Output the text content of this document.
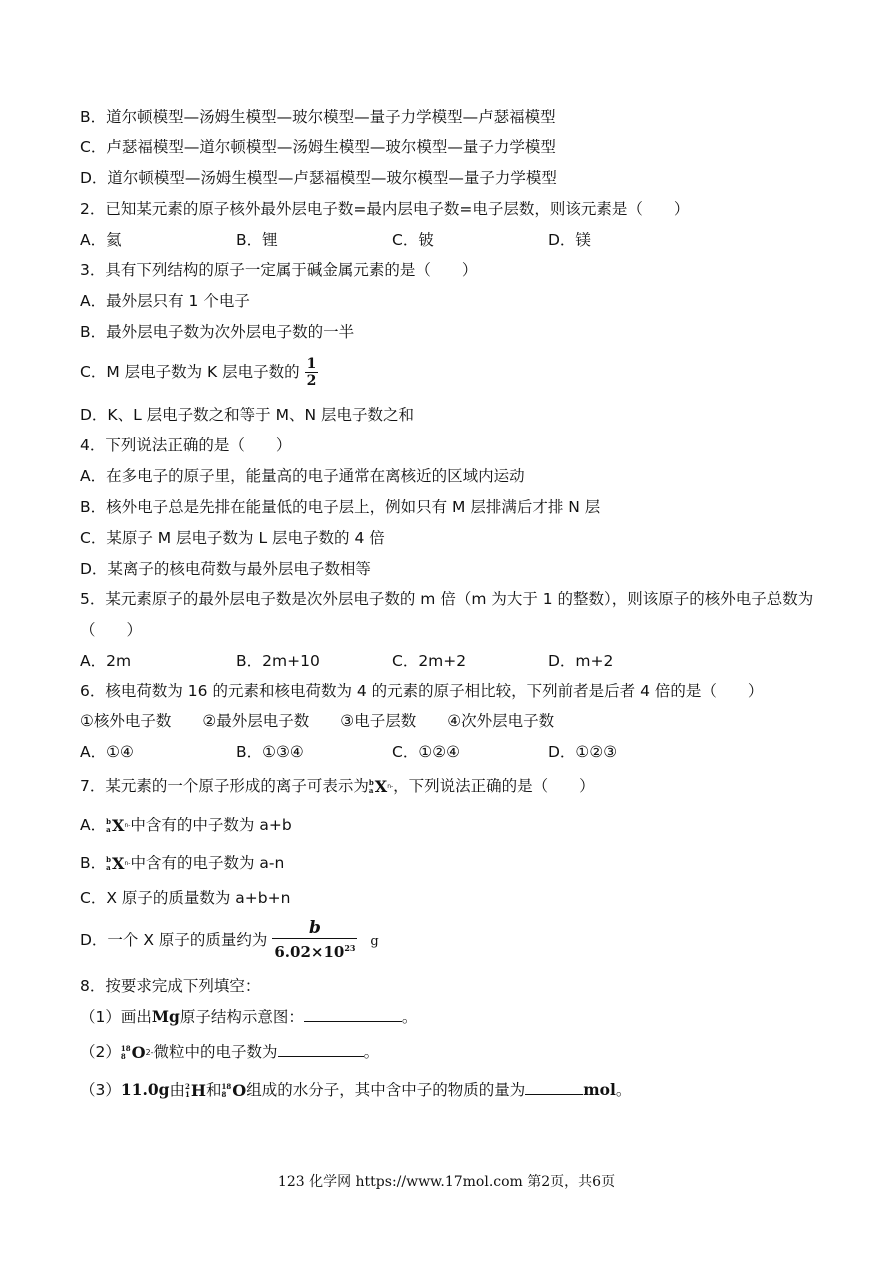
B．道尔顿模型—汤姆生模型—玻尔模型—量子力学模型—卢瑟福模型
C．卢瑟福模型—道尔顿模型—汤姆生模型—玻尔模型—量子力学模型
D．道尔顿模型—汤姆生模型—卢瑟福模型—玻尔模型—量子力学模型
2．已知某元素的原子核外最外层电子数=最内层电子数=电子层数，则该元素是（　　）
A．氦	B．锂	C．铍	D．镁
3．具有下列结构的原子一定属于碱金属元素的是（　　）
A．最外层只有 1 个电子
B．最外层电子数为次外层电子数的一半
C．M 层电子数为 K 层电子数的 $\frac{1}{2}$
D．K、L 层电子数之和等于 M、N 层电子数之和
4．下列说法正确的是（　　）
A．在多电子的原子里，能量高的电子通常在离核近的区域内运动
B．核外电子总是先排在能量低的电子层上，例如只有 M 层排满后才排 N 层
C．某原子 M 层电子数为 L 层电子数的 4 倍
D．某离子的核电荷数与最外层电子数相等
5．某元素原子的最外层电子数是次外层电子数的 m 倍（m 为大于 1 的整数），则该原子的核外电子总数为
（　　）
A．2m	B．2m+10	C．2m+2	D．m+2
6．核电荷数为 16 的元素和核电荷数为 4 的元素的原子相比较，下列前者是后者 4 倍的是（　　）
①核外电子数　　②最外层电子数　　③电子层数　　④次外层电子数
A．①④	B．①③④	C．①②④	D．①②③
7．某元素的一个原子形成的离子可表示为 b
a X n- ，下列说法正确的是（　　）
A． b
a X n- 中含有的中子数为 a+b
B． b
a X n- 中含有的电子数为 a-n
C．X 原子的质量数为 a+b+n
D．一个 X 原子的质量约为 $\frac{b}{6.02\times 10^{23}}$ g
8．按要求完成下列填空：
（1）画出Mg原子结构示意图：	。
（2） 18
8 O 2- 微粒中的电子数为	。
（3）11.0g由 2
1 H 和 18
8 O 组成的水分子，其中含中子的物质的量为	mol。
123 化学网 https://www.17mol.com 第2页，共6页
